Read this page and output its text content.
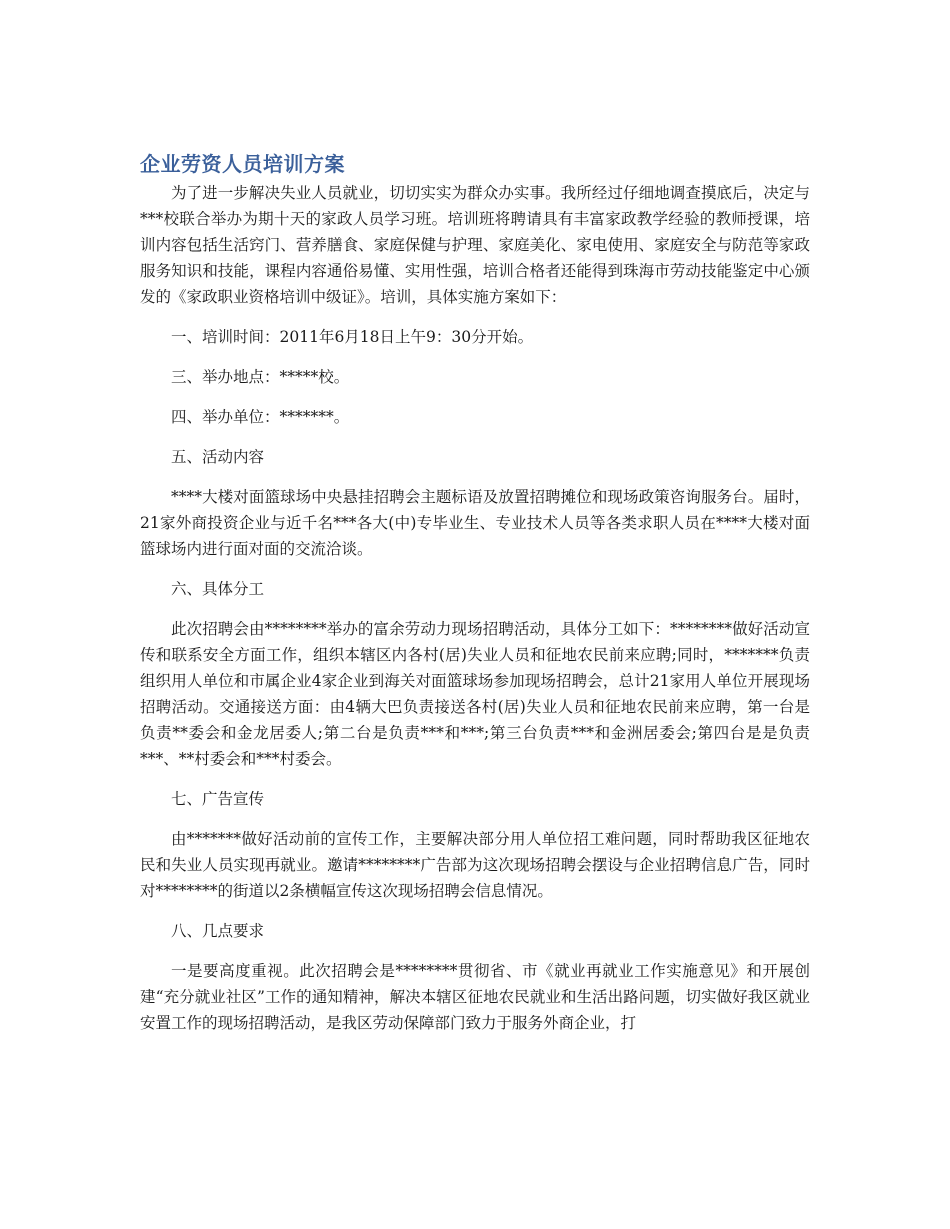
企业劳资人员培训方案

为了进一步解决失业人员就业，切切实实为群众办实事。我所经过仔细地调查摸底后，决定与***校联合举办为期十天的家政人员学习班。培训班将聘请具有丰富家政教学经验的教师授课，培训内容包括生活窍门、营养膳食、家庭保健与护理、家庭美化、家电使用、家庭安全与防范等家政服务知识和技能，课程内容通俗易懂、实用性强，培训合格者还能得到珠海市劳动技能鉴定中心颁发的《家政职业资格培训中级证》。培训，具体实施方案如下：

一、培训时间：2011年6月18日上午9：30分开始。

三、举办地点：*****校。

四、举办单位：*******。

五、活动内容

****大楼对面篮球场中央悬挂招聘会主题标语及放置招聘摊位和现场政策咨询服务台。届时，21家外商投资企业与近千名***各大(中)专毕业生、专业技术人员等各类求职人员在****大楼对面篮球场内进行面对面的交流洽谈。

六、具体分工

此次招聘会由********举办的富余劳动力现场招聘活动，具体分工如下：********做好活动宣传和联系安全方面工作，组织本辖区内各村(居)失业人员和征地农民前来应聘;同时，*******负责组织用人单位和市属企业4家企业到海关对面篮球场参加现场招聘会，总计21家用人单位开展现场招聘活动。交通接送方面：由4辆大巴负责接送各村(居)失业人员和征地农民前来应聘，第一台是负责**委会和金龙居委人;第二台是负责***和***;第三台负责***和金洲居委会;第四台是是负责***、**村委会和***村委会。

七、广告宣传

由*******做好活动前的宣传工作，主要解决部分用人单位招工难问题，同时帮助我区征地农民和失业人员实现再就业。邀请********广告部为这次现场招聘会摆设与企业招聘信息广告，同时对********的街道以2条横幅宣传这次现场招聘会信息情况。

八、几点要求

一是要高度重视。此次招聘会是********贯彻省、市《就业再就业工作实施意见》和开展创建“充分就业社区”工作的通知精神，解决本辖区征地农民就业和生活出路问题，切实做好我区就业安置工作的现场招聘活动，是我区劳动保障部门致力于服务外商企业，打
